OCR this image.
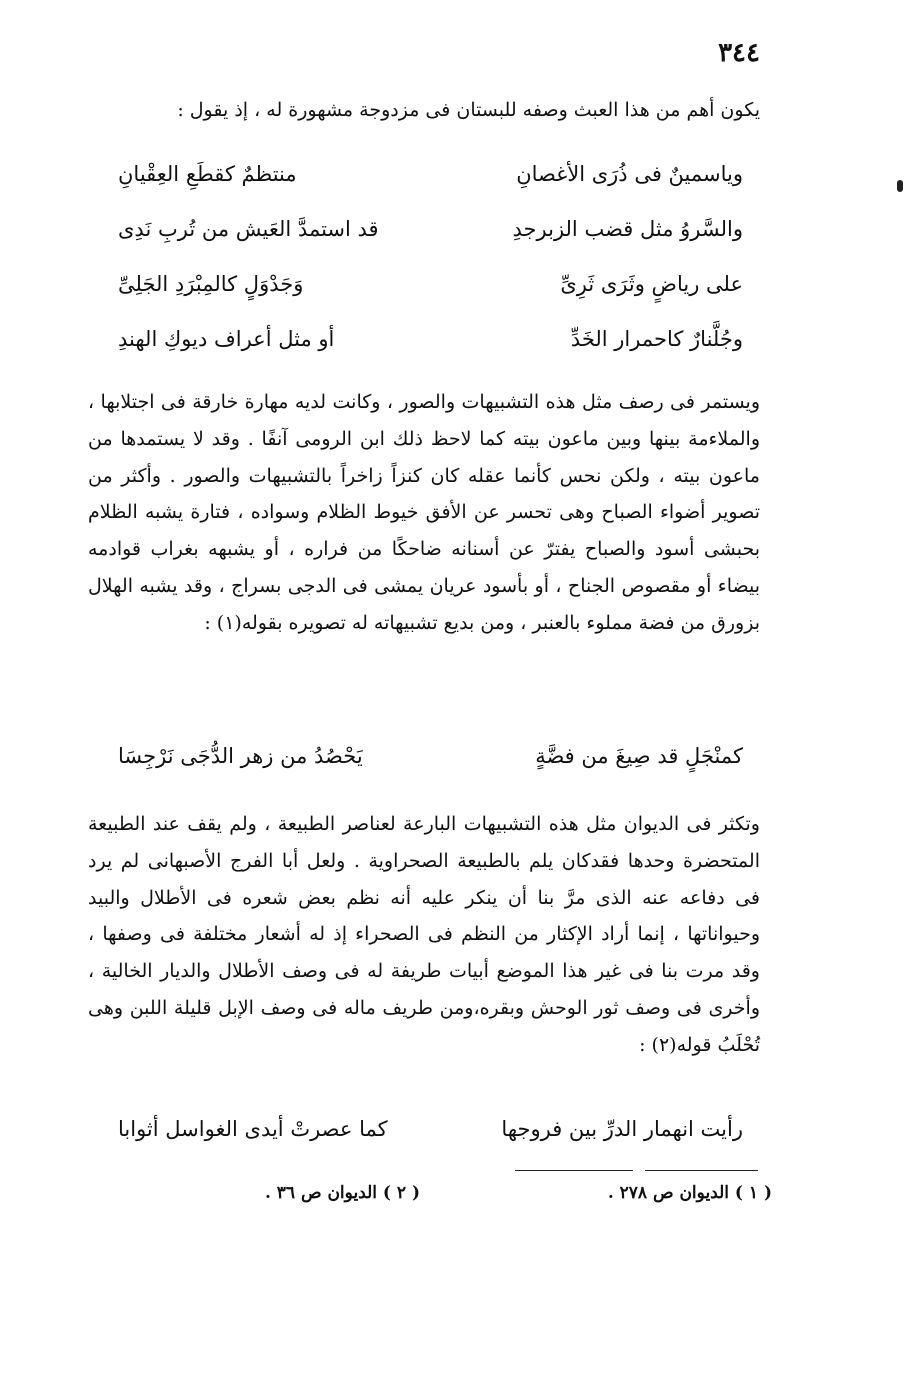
٣٤٤

يكون أهم من هذا العبث وصفه للبستان فى مزدوجة مشهورة له ، إذ يقول :

وياسمينٌ فى ذُرَى الأغصانِ
منتظمٌ كقطَعِ العِقْيانِ
والسَّروُ مثل قضب الزبرجدِ
قد استمدَّ العَيش من تُربِ نَدِى
على رياضٍ وثَرَى ثَرِىِّ
وَجَدْوَلٍ كالمِبْرَدِ الجَلِىِّ
وجُلَّنارٌ كاحمرار الخَدِّ
أو مثل أعراف ديوكِ الهندِ

ويستمر فى رصف مثل هذه التشبيهات والصور ، وكانت لديه مهارة خارقة فى اجتلابها ، والملاءمة بينها وبين ماعون بيته كما لاحظ ذلك ابن الرومى آنفًا . وقد لا يستمدها من ماعون بيته ، ولكن نحس كأنما عقله كان كنزاً زاخراً بالتشبيهات والصور . وأكثر من تصوير أضواء الصباح وهى تحسر عن الأفق خيوط الظلام وسواده ، فتارة يشبه الظلام بحبشى أسود والصباح يفترّ عن أسنانه ضاحكًا من فراره ، أو يشبهه بغراب قوادمه بيضاء أو مقصوص الجناح ، أو بأسود عريان يمشى فى الدجى بسراج ، وقد يشبه الهلال بزورق من فضة مملوء بالعنبر ، ومن بديع تشبيهاته له تصويره بقوله(١) :

كمنْجَلٍ قد صِيغَ من فضَّةٍ
يَحْصُدُ من زهر الدُّجَى نَرْجِسَا

وتكثر فى الديوان مثل هذه التشبيهات البارعة لعناصر الطبيعة ، ولم يقف عند الطبيعة المتحضرة وحدها فقدكان يلم بالطبيعة الصحراوية . ولعل أبا الفرج الأصبهانى لم يرد فى دفاعه عنه الذى مرَّ بنا أن ينكر عليه أنه نظم بعض شعره فى الأطلال والبيد وحيواناتها ، إنما أراد الإكثار من النظم فى الصحراء إذ له أشعار مختلفة فى وصفها ، وقد مرت بنا فى غير هذا الموضع أبيات طريفة له فى وصف الأطلال والديار الخالية ، وأخرى فى وصف ثور الوحش وبقره،ومن طريف ماله فى وصف الإبل قليلة اللبن وهى تُحْلَبُ قوله(٢) :

رأيت انهمار الدرِّ بين فروجها
كما عصرتْ أيدى الغواسل أثوابا
( ١ ) الديوان ص ٢٧٨ .
( ٢ ) الديوان ص ٣٦ .
